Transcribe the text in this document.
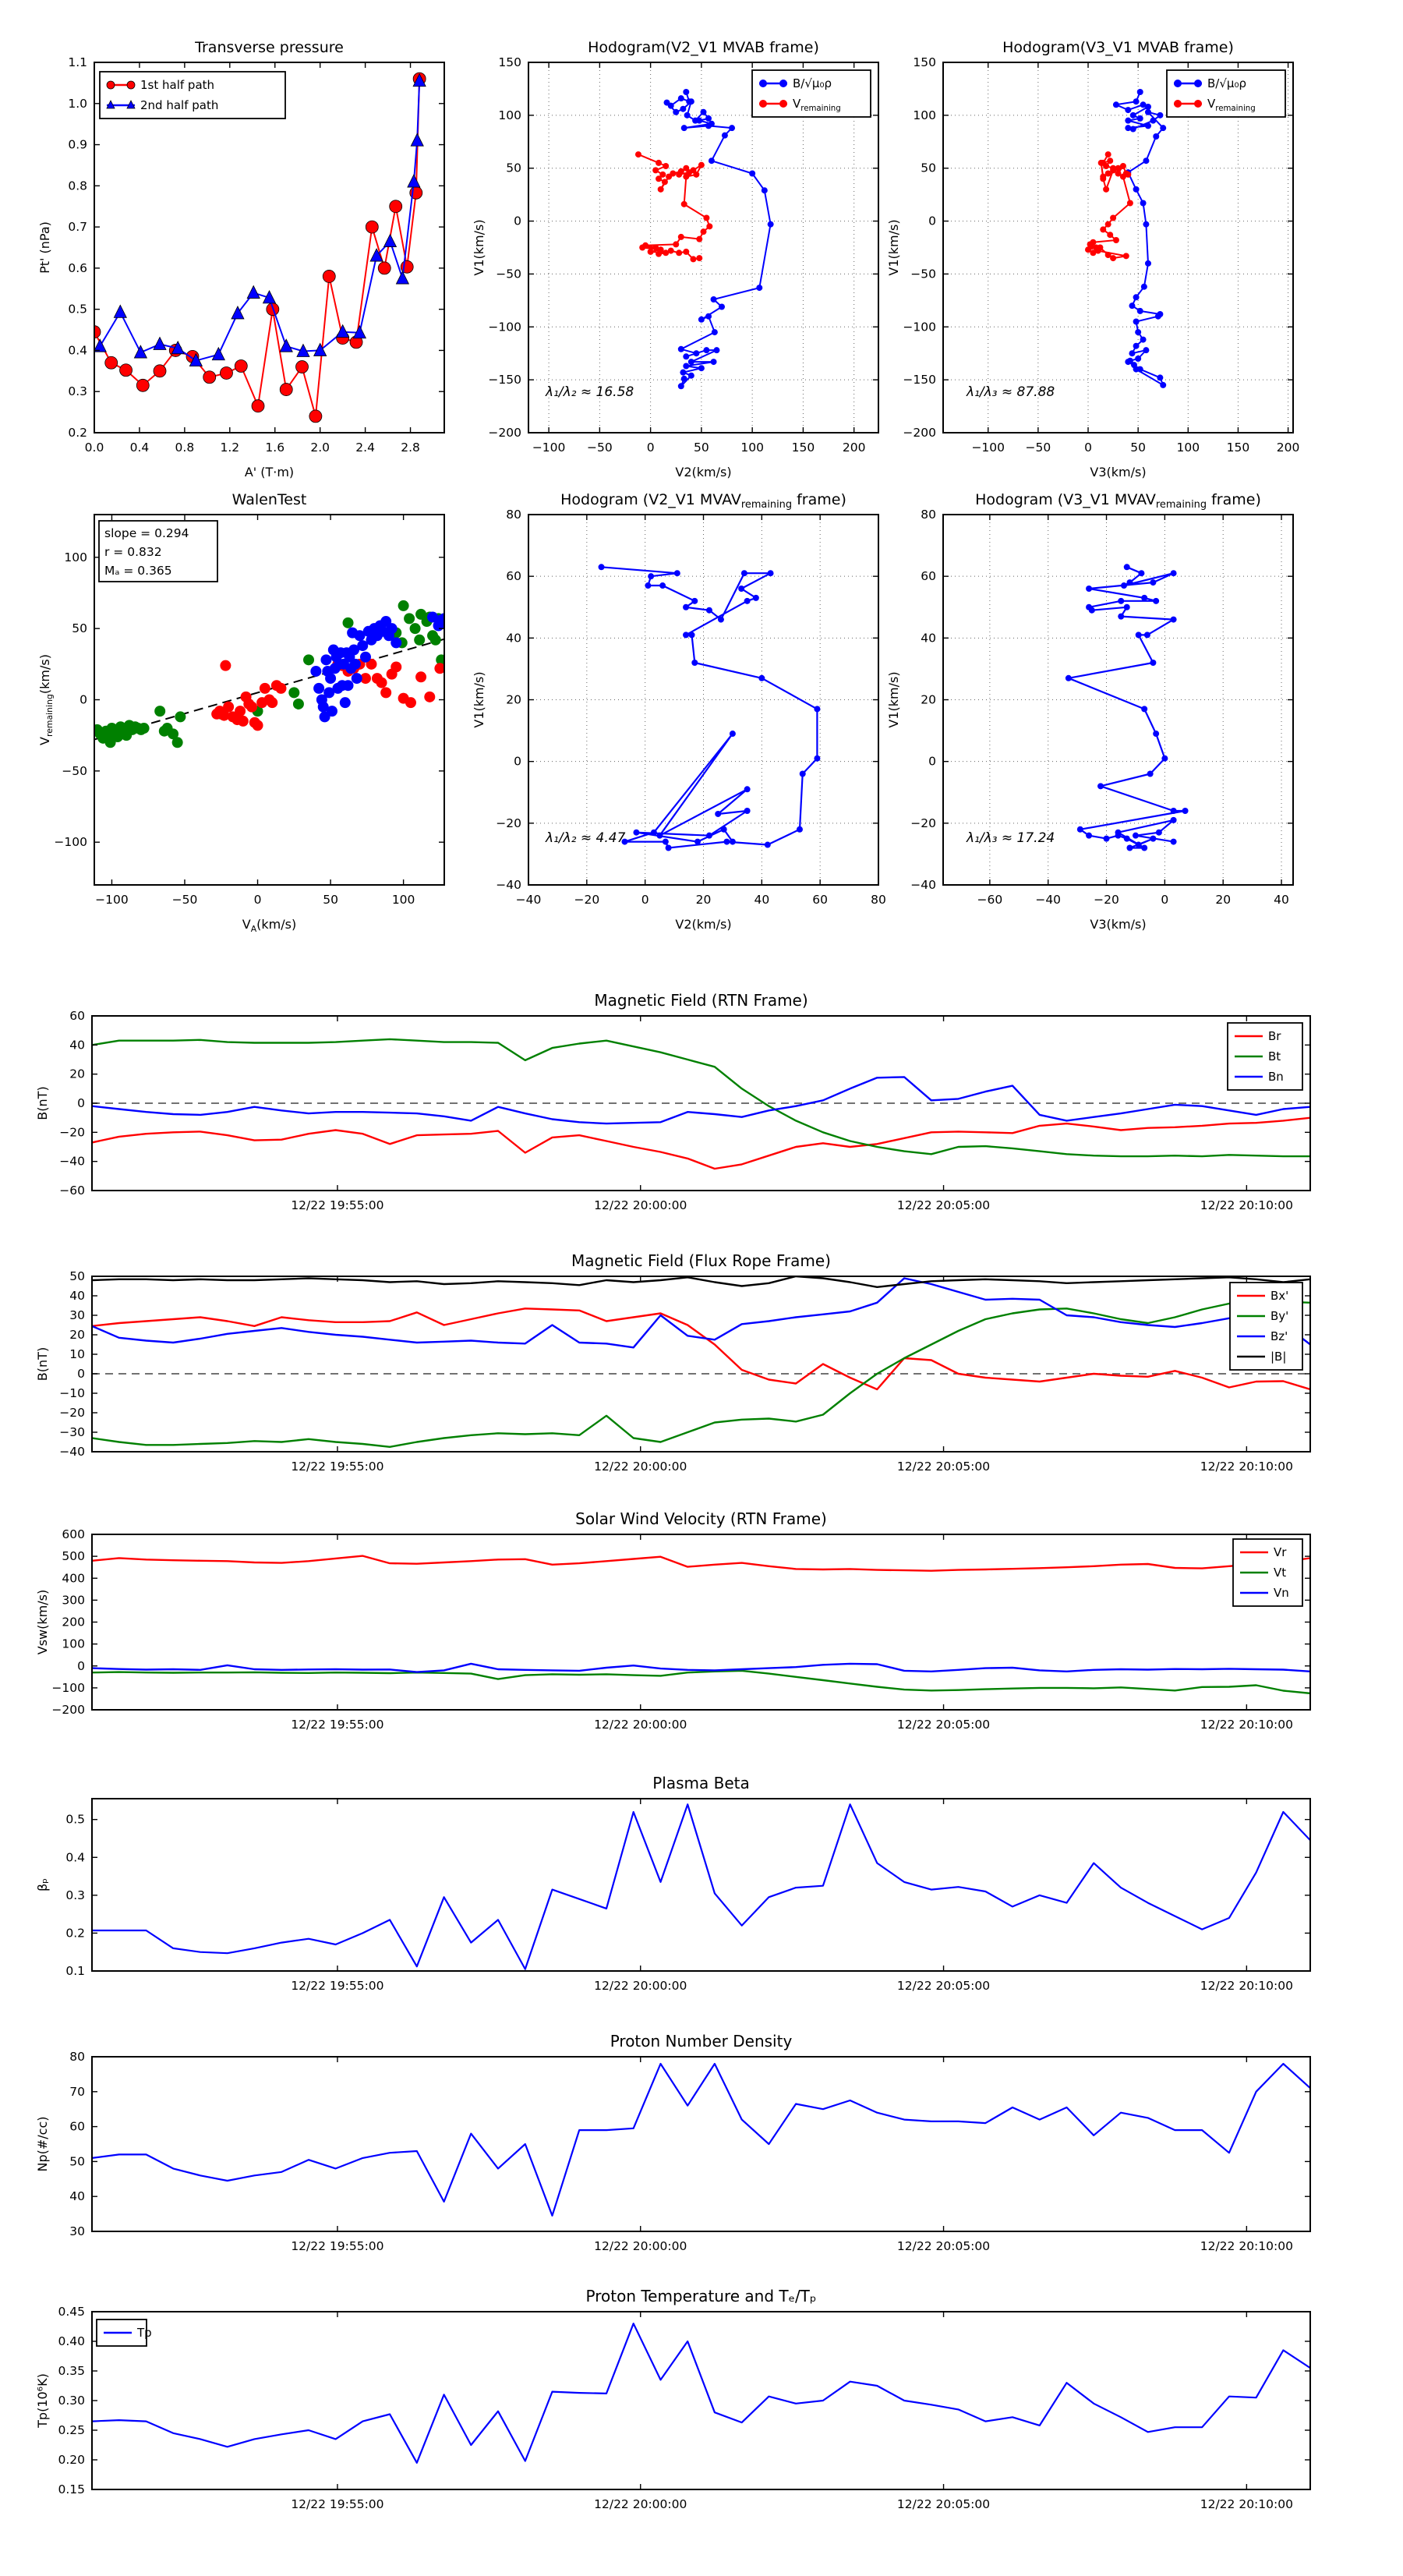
0.0 0.4 0.8 1.2 1.6 2.0 2.4 2.8
0.2
0.3
0.4
0.5
0.6
0.7
0.8
0.9
1.0
1.1
Transverse pressure
A' (T·m)
Pt' (nPa)
1st half path
2nd half path
−100 −50	0	50	100 150 200
−200
−150
−100
−50
0
50
100
150
Hodogram(V2_V1 MVAB frame)
V2(km/s)
V1(km/s)
B/√μ₀ρ
$V_{remaining}$
λ₁/λ₂ ≈ 16.58
−100 −50	0	50	100 150 200
−200
−150
−100
−50
0
50
100
150
Hodogram(V3_V1 MVAB frame)
V3(km/s)
V1(km/s)
B/√μ₀ρ
$V_{remaining}$
λ₁/λ₃ ≈ 87.88
−100	−50	0	50	100
−100
−50
0
50
100
WalenTest
$V_A(km/s)$
$V_{remaining}(km/s)$
slope = 0.294
r = 0.832
Mₐ = 0.365
−40	−20	0	20	40	60	80
−40
−20
0
20
40
60
80
Hodogram (V2_V1 $MVAV_{remaining}$ frame)
V2(km/s)
V1(km/s)
λ₁/λ₂ ≈ 4.47
−60	−40	−20	0	20	40
−40
−20
0
20
40
60
80
Hodogram (V3_V1 $MVAV_{remaining}$ frame)
V3(km/s)
V1(km/s)
λ₁/λ₃ ≈ 17.24
12/22 19:55:00	12/22 20:00:00	12/22 20:05:00	12/22 20:10:00
−60
−40
−20
0
20
40
60
Magnetic Field (RTN Frame)
B(nT)
Br
Bt
Bn
12/22 19:55:00	12/22 20:00:00	12/22 20:05:00	12/22 20:10:00
−40
−30
−20
−10
0
10
20
30
40
50
Magnetic Field (Flux Rope Frame)
B(nT)
Bx'
By'
Bz'
|B|
12/22 19:55:00	12/22 20:00:00	12/22 20:05:00	12/22 20:10:00
−200
−100
0
100
200
300
400
500
600
Solar Wind Velocity (RTN Frame)
Vsw(km/s)
Vr
Vt
Vn
12/22 19:55:00	12/22 20:00:00	12/22 20:05:00	12/22 20:10:00
0.1
0.2
0.3
0.4
0.5
Plasma Beta
βₚ
12/22 19:55:00	12/22 20:00:00	12/22 20:05:00	12/22 20:10:00
30
40
50
60
70
80
Proton Number Density
Np(#/cc)
12/22 19:55:00	12/22 20:00:00	12/22 20:05:00	12/22 20:10:00
0.15
0.20
0.25
0.30
0.35
0.40
0.45
Proton Temperature and Tₑ/Tₚ
Tp(10⁶K)
Tp
